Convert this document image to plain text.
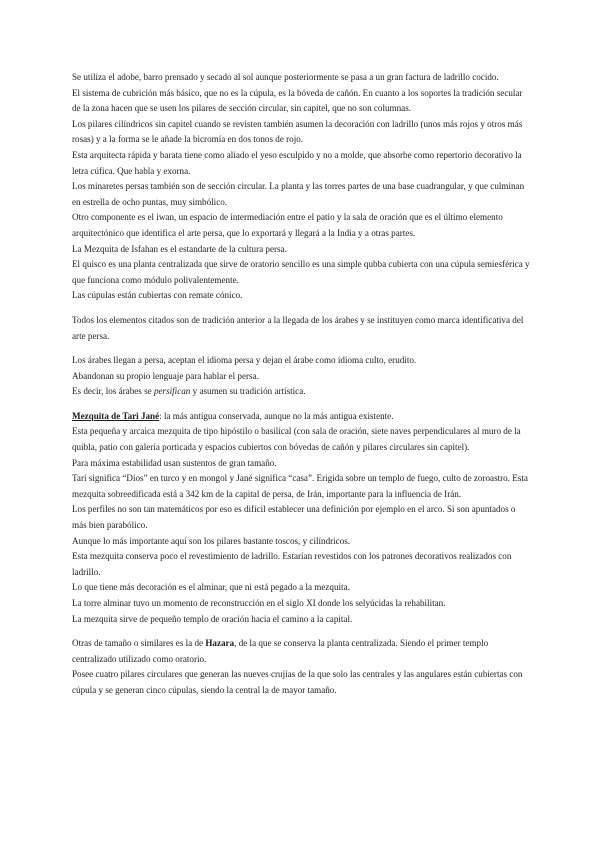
Se utiliza el adobe, barro prensado y secado al sol aunque posteriormente se pasa a un gran factura de ladrillo cocido.

El sistema de cubrición más básico, que no es la cúpula, es la bóveda de cañón. En cuanto a los soportes la tradición secular de la zona hacen que se usen los pilares de sección circular, sin capitel, que no son columnas.

Los pilares cilíndricos sin capitel cuando se revisten también asumen la decoración con ladrillo (unos más rojos y otros más rosas) y a la forma se le añade la bicromía en dos tonos de rojo.

Esta arquitecta rápida y barata tiene como aliado el yeso esculpido y no a molde, que absorbe como repertorio decorativo la letra cúfica. Que habla y exorna.

Los minaretes persas también son de sección circular. La planta y las torres partes de una base cuadrangular, y que culminan en estrella de ocho puntas, muy simbólico.

Otro componente es el iwan, un espacio de intermediación entre el patio y la sala de oración que es el último elemento arquitectónico que identifica el arte persa, que lo exportará y llegará a la India y a otras partes.

La Mezquita de Isfahan es el estandarte de la cultura persa.

El quisco es una planta centralizada que sirve de oratorio sencillo es una simple qubba cubierta con una cúpula semiesférica y que funciona como módulo polivalentemente.

Las cúpulas están cubiertas con remate cónico.

Todos los elementos citados son de tradición anterior a la llegada de los árabes y se instituyen como marca identificativa del arte persa.

Los árabes llegan a persa, aceptan el idioma persa y dejan el árabe como idioma culto, erudito.

Abandonan su propio lenguaje para hablar el persa.

Es decir, los árabes se persifican y asumen su tradición artística.

Mezquita de Tari Jané: la más antigua conservada, aunque no la más antigua existente.

Esta pequeña y arcaica mezquita de tipo hipóstilo o basilical (con sala de oración, siete naves perpendiculares al muro de la quibla, patio con galería porticada y espacios cubiertos con bóvedas de cañón y pilares circulares sin capitel).

Para máxima estabilidad usan sustentos de gran tamaño.

Tarí significa “Dios” en turco y en mongol y Jané significa “casa”. Erigida sobre un templo de fuego, culto de zoroastro. Esta mezquita sobreedificada está a 342 km de la capital de persa, de Irán, importante para la influencia de Irán.

Los perfiles no son tan matemáticos por eso es difícil establecer una definición por ejemplo en el arco. Si son apuntados o más bien parabólico.

Aunque lo más importante aquí son los pilares bastante toscos, y cilíndricos.

Esta mezquita conserva poco el revestimiento de ladrillo. Estarían revestidos con los patrones decorativos realizados con ladrillo.

Lo que tiene más decoración es el alminar, que ni está pegado a la mezquita.

La torre alminar tuvo un momento de reconstrucción en el siglo XI donde los selyúcidas la rehabilitan.

La mezquita sirve de pequeño templo de oración hacia el camino a la capital.

Otras de tamaño o similares es la de Hazara, de la que se conserva la planta centralizada. Siendo el primer templo centralizado utilizado como oratorio.

Posee cuatro pilares circulares que generan las nueves crujías de la que solo las centrales y las angulares están cubiertas con cúpula y se generan cinco cúpulas, siendo la central la de mayor tamaño.
